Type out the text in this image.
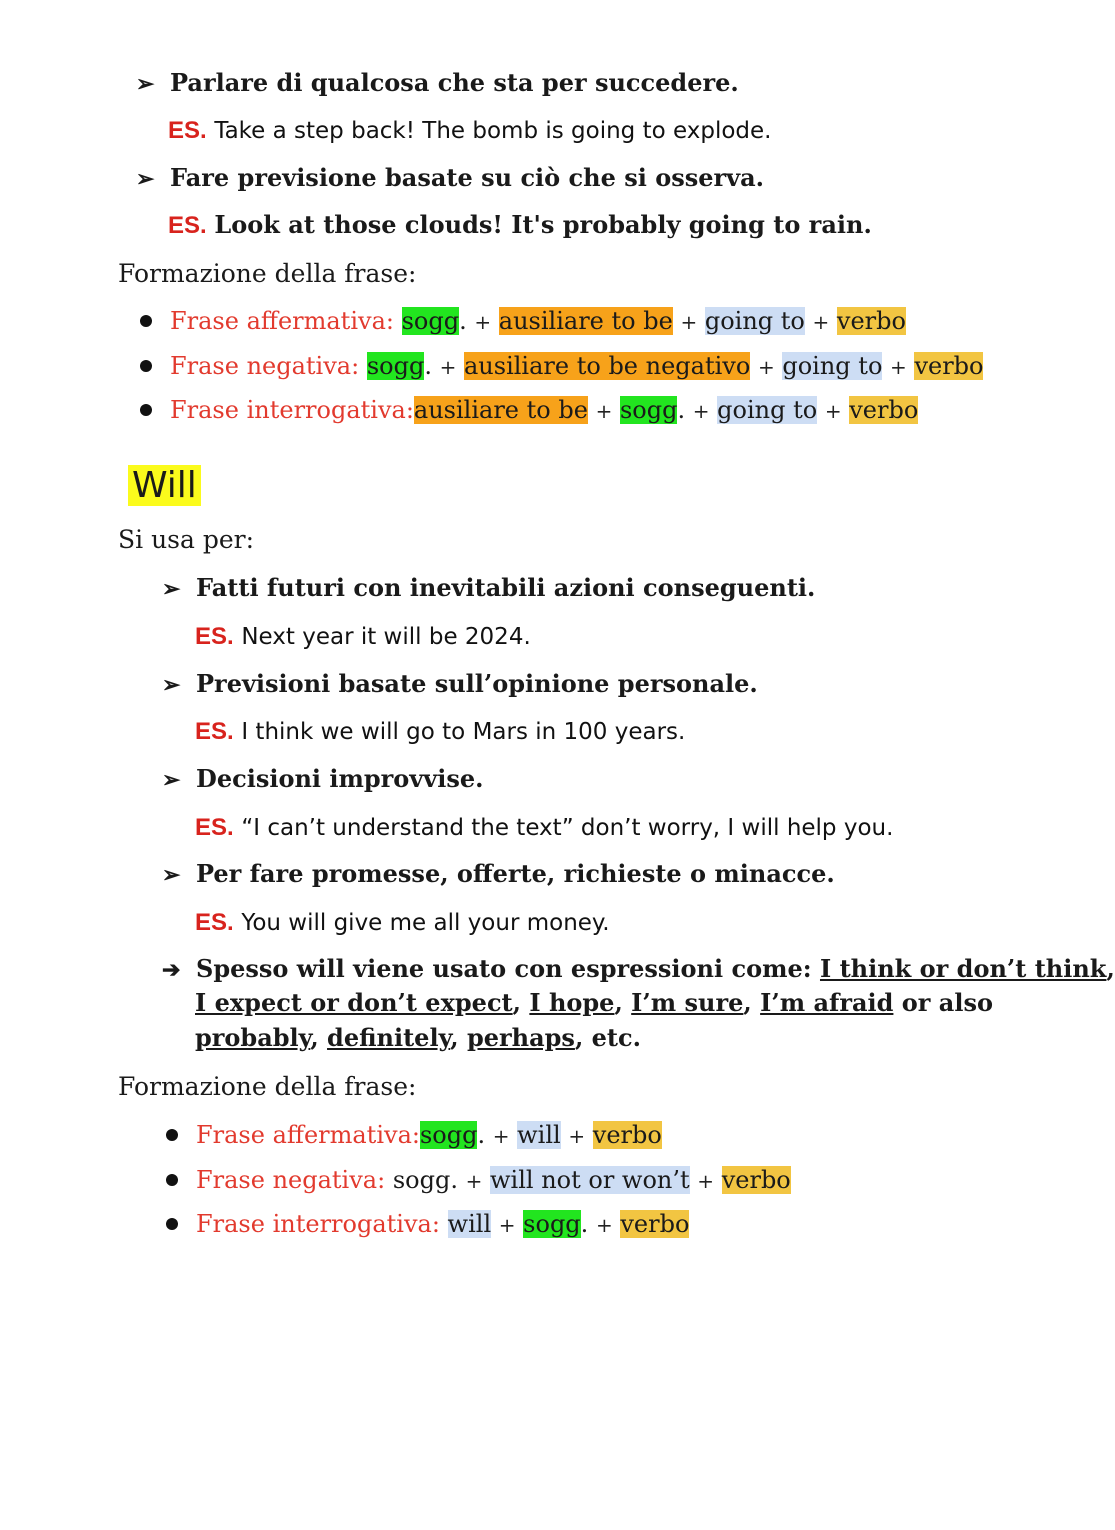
➢ Parlare di qualcosa che sta per succedere.
ES. Take a step back! The bomb is going to explode.
➢ Fare previsione basate su ciò che si osserva.
ES. Look at those clouds! It's probably going to rain.
Formazione della frase:
Frase affermativa: sogg. + ausiliare to be + going to + verbo
Frase negativa: sogg. + ausiliare to be negativo + going to + verbo
Frase interrogativa:ausiliare to be + sogg. + going to + verbo
Will
Si usa per:
➢ Fatti futuri con inevitabili azioni conseguenti.
ES. Next year it will be 2024.
➢ Previsioni basate sull’opinione personale.
ES. I think we will go to Mars in 100 years.
➢ Decisioni improvvise.
ES. “I can’t understand the text” don’t worry, I will help you.
➢ Per fare promesse, offerte, richieste o minacce.
ES. You will give me all your money.
➔ Spesso will viene usato con espressioni come: I think or don’t think,
I expect or don’t expect, I hope, I’m sure, I’m afraid or also
probably, definitely, perhaps, etc.
Formazione della frase:
Frase affermativa:sogg. + will + verbo
Frase negativa: sogg. + will not or won’t + verbo
Frase interrogativa: will + sogg. + verbo
